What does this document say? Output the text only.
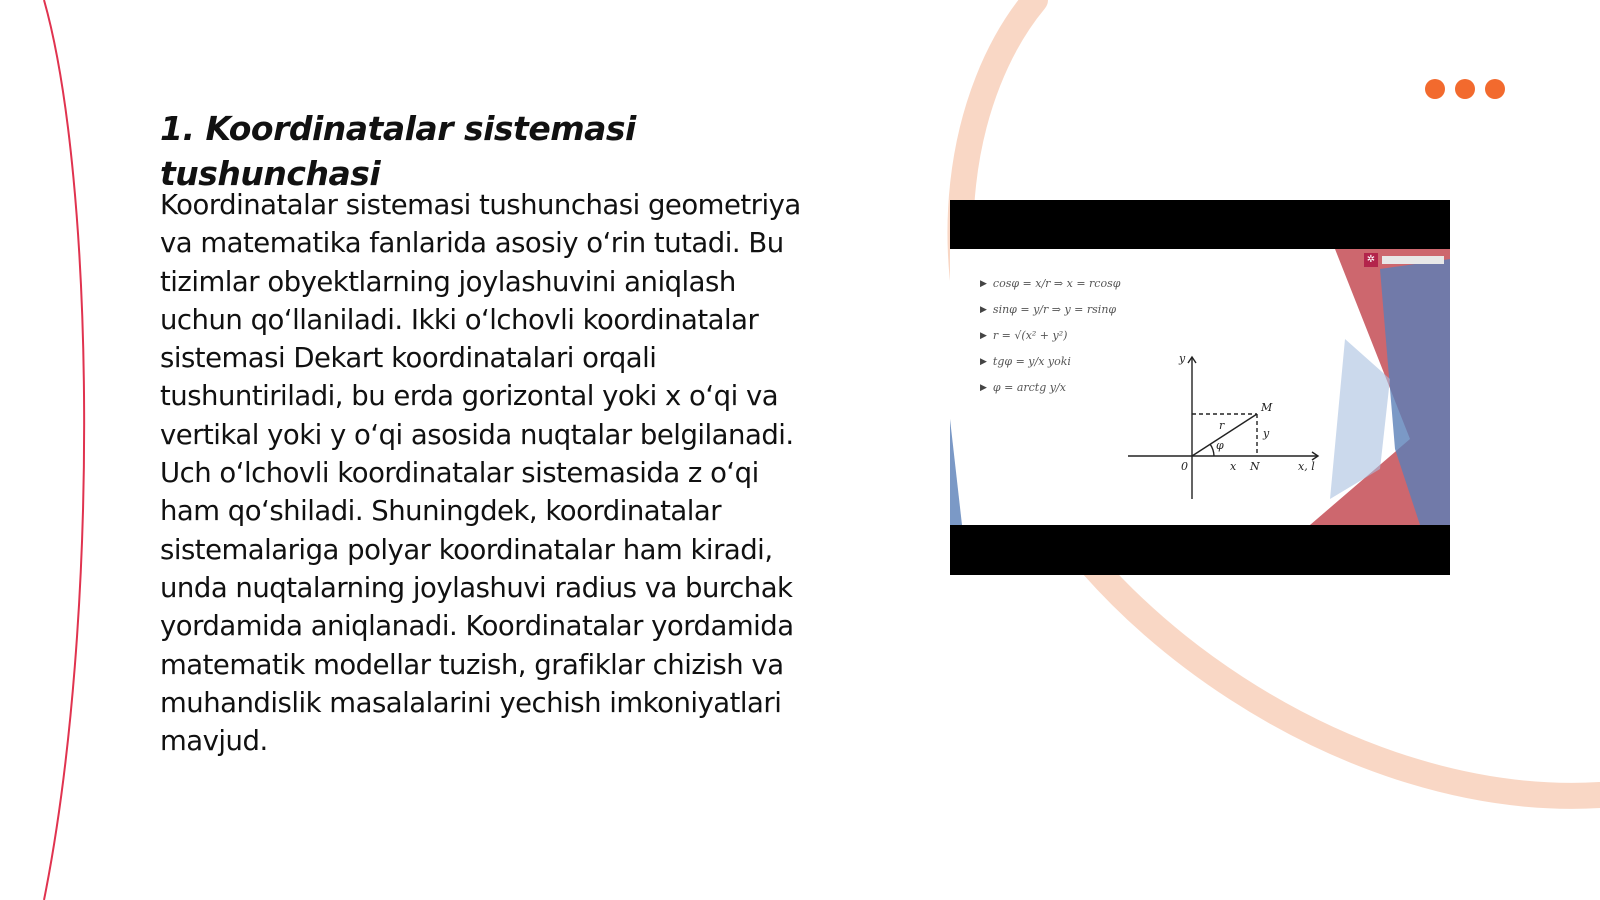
1. Koordinatalar sistemasi tushunchasi

Koordinatalar sistemasi tushunchasi geometriya va matematika fanlarida asosiy o‘rin tutadi. Bu tizimlar obyektlarning joylashuvini aniqlash uchun qo‘llaniladi. Ikki o‘lchovli koordinatalar sistemasi Dekart koordinatalari orqali tushuntiriladi, bu erda gorizontal yoki x o‘qi va vertikal yoki y o‘qi asosida nuqtalar belgilanadi. Uch o‘lchovli koordinatalar sistemasida z o‘qi ham qo‘shiladi. Shuningdek, koordinatalar sistemalariga polyar koordinatalar ham kiradi, unda nuqtalarning joylashuvi radius va burchak yordamida aniqlanadi. Koordinatalar yordamida matematik modellar tuzish, grafiklar chizish va muhandislik masalalarini yechish imkoniyatlari mavjud.

y
0	x N	x, l
M
y
r
φ
▶ cosφ = x/r ⇒ x = rcosφ
▶ sinφ = y/r ⇒ y = rsinφ
▶ r = √(x² + y²)
▶ tgφ = y/x yoki
▶ φ = arctg y/x
✲
